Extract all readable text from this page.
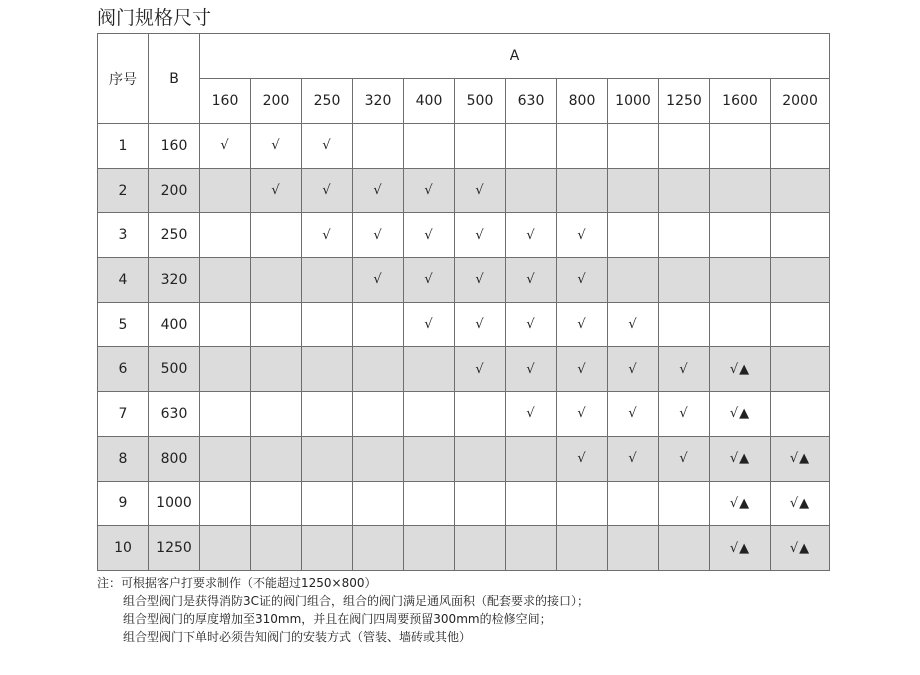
阀门规格尺寸
序号	B	A											
		160	200	250	320	400	500	630	800	1000	1250	1600	2000
1	160	√	√	√									
2	200		√	√	√	√	√						
3	250			√	√	√	√	√	√				
4	320				√	√	√	√	√				
5	400					√	√	√	√	√			
6	500						√	√	√	√	√	√▲	
7	630							√	√	√	√	√▲	
8	800								√	√	√	√▲	√▲
9	1000											√▲	√▲
10	1250											√▲	√▲
注：可根据客户打要求制作（不能超过1250×800）
组合型阀门是获得消防3C证的阀门组合，组合的阀门满足通风面积（配套要求的接口）；
组合型阀门的厚度增加至310mm，并且在阀门四周要预留300mm的检修空间；
组合型阀门下单时必须告知阀门的安装方式（管装、墙砖或其他）
